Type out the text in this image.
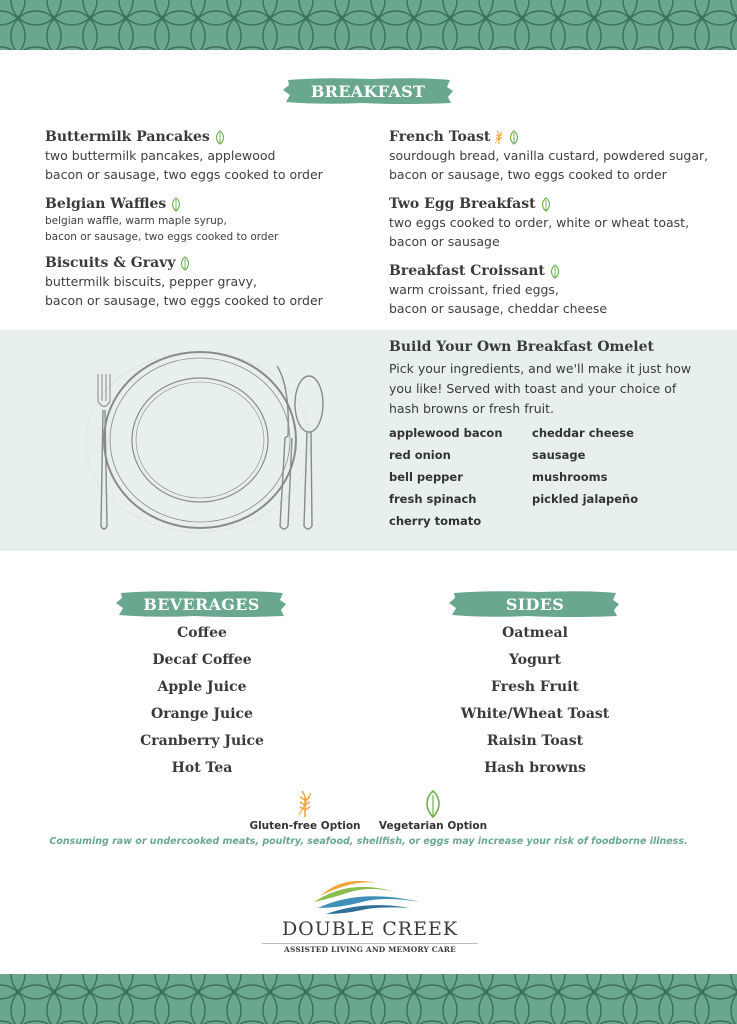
BREAKFAST
Buttermilk Pancakes
two buttermilk pancakes, applewood
bacon or sausage, two eggs cooked to order
Belgian Waffles
belgian waffle, warm maple syrup,
bacon or sausage, two eggs cooked to order
Biscuits & Gravy
buttermilk biscuits, pepper gravy,
bacon or sausage, two eggs cooked to order
French Toast
sourdough bread, vanilla custard, powdered sugar,
bacon or sausage, two eggs cooked to order
Two Egg Breakfast
two eggs cooked to order, white or wheat toast,
bacon or sausage
Breakfast Croissant
warm croissant, fried eggs,
bacon or sausage, cheddar cheese
Build Your Own Breakfast Omelet
Pick your ingredients, and we'll make it just how
you like! Served with toast and your choice of
hash browns or fresh fruit.
applewood bacon
red onion
bell pepper
fresh spinach
cherry tomato
cheddar cheese
sausage
mushrooms
pickled jalapeño
BEVERAGES	SIDES
Coffee
Decaf Coffee
Apple Juice
Orange Juice
Cranberry Juice
Hot Tea
Oatmeal
Yogurt
Fresh Fruit
White/Wheat Toast
Raisin Toast
Hash browns
Gluten-free Option	Vegetarian Option
Consuming raw or undercooked meats, poultry, seafood, shellfish, or eggs may increase your risk of foodborne illness.
DOUBLE CREEK
ASSISTED LIVING AND MEMORY CARE
